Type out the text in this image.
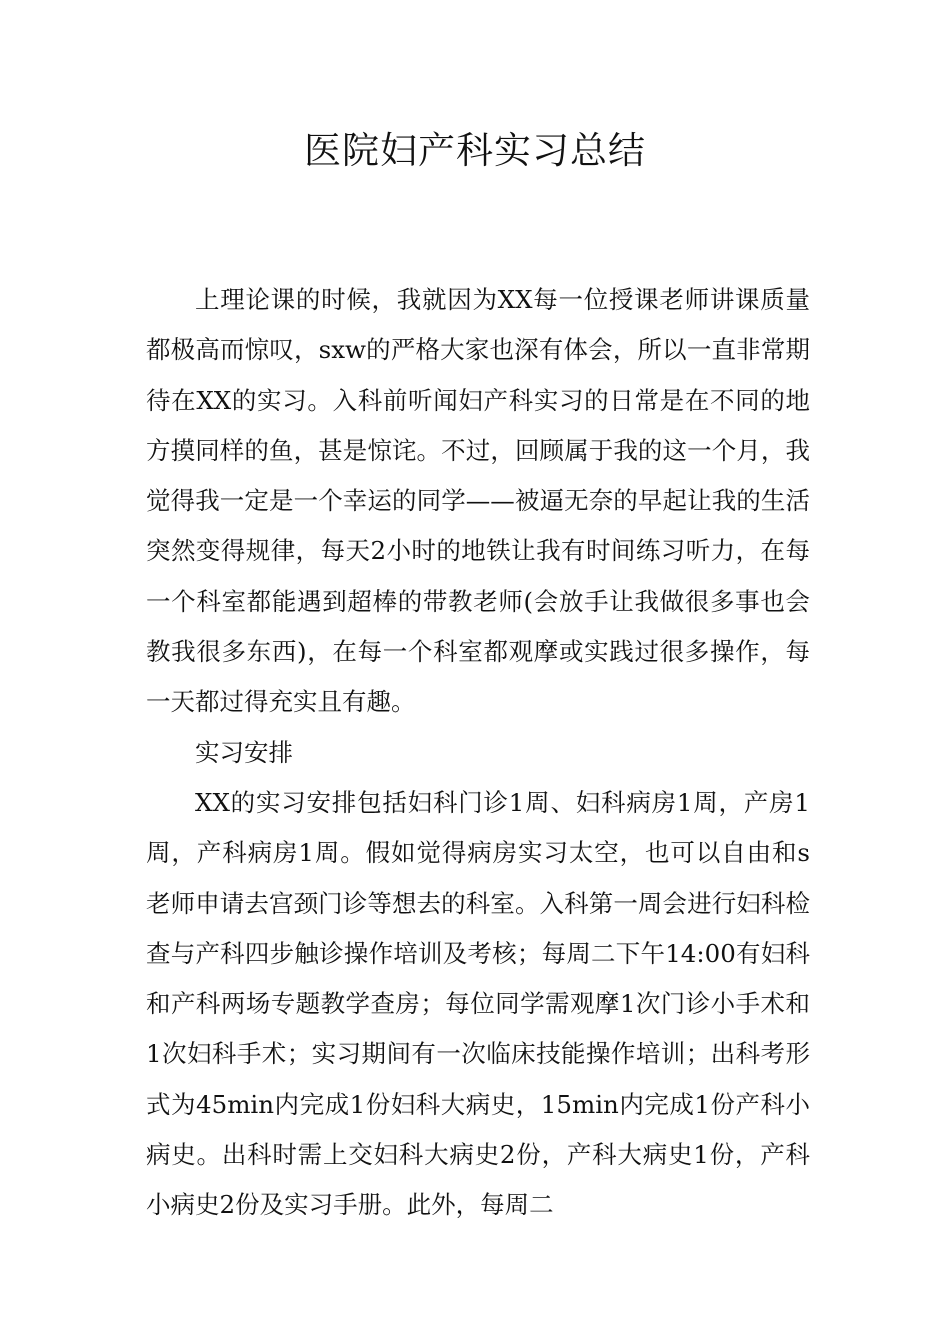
医院妇产科实习总结

上理论课的时候，我就因为XX每一位授课老师讲课质量都极高而惊叹，sxw的严格大家也深有体会，所以一直非常期待在XX的实习。入科前听闻妇产科实习的日常是在不同的地方摸同样的鱼，甚是惊诧。不过，回顾属于我的这一个月，我觉得我一定是一个幸运的同学——被逼无奈的早起让我的生活突然变得规律，每天2小时的地铁让我有时间练习听力，在每一个科室都能遇到超棒的带教老师(会放手让我做很多事也会教我很多东西)，在每一个科室都观摩或实践过很多操作，每一天都过得充实且有趣。

实习安排

XX的实习安排包括妇科门诊1周、妇科病房1周，产房1周，产科病房1周。假如觉得病房实习太空，也可以自由和s老师申请去宫颈门诊等想去的科室。入科第一周会进行妇科检查与产科四步触诊操作培训及考核；每周二下午14:00有妇科和产科两场专题教学查房；每位同学需观摩1次门诊小手术和1次妇科手术；实习期间有一次临床技能操作培训；出科考形式为45min内完成1份妇科大病史，15min内完成1份产科小病史。出科时需上交妇科大病史2份，产科大病史1份，产科小病史2份及实习手册。此外，每周二
